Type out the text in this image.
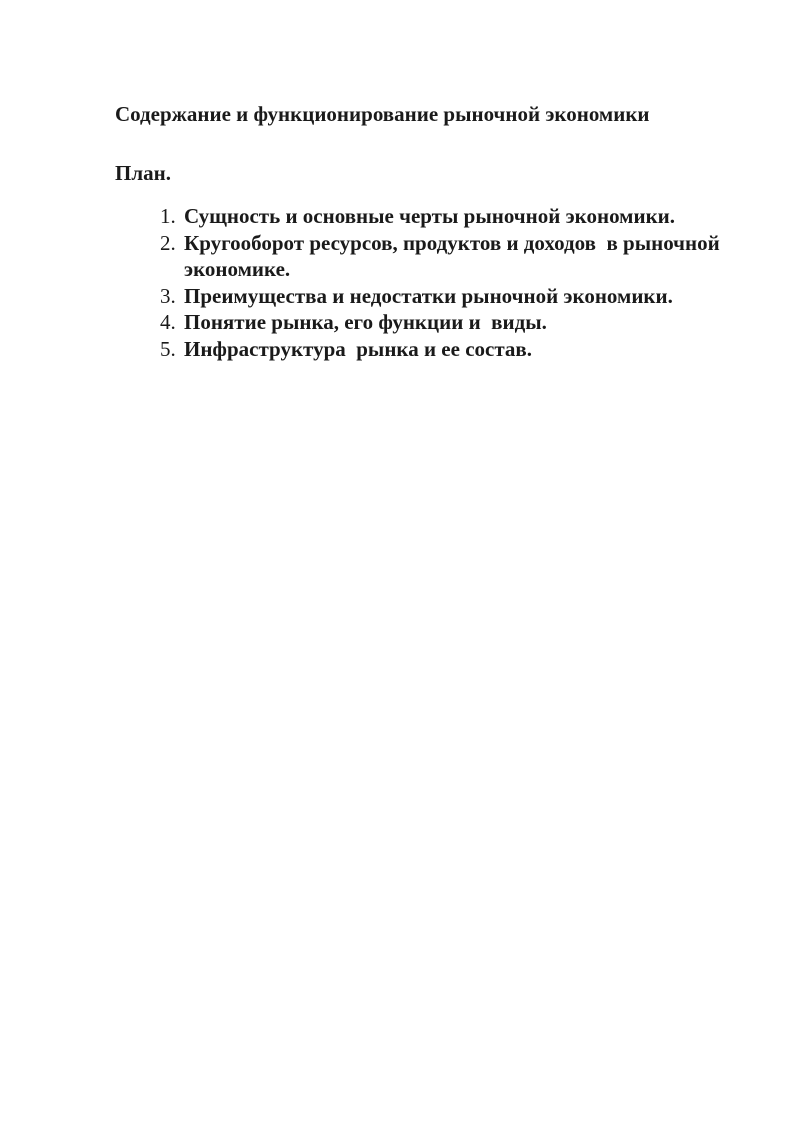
Содержание и функционирование рыночной экономики
План.
1. Сущность и основные черты рыночной экономики.
2. Кругооборот ресурсов, продуктов и доходов  в рыночной экономике.
3. Преимущества и недостатки рыночной экономики.
4. Понятие рынка, его функции и  виды.
5. Инфраструктура  рынка и ее состав.
